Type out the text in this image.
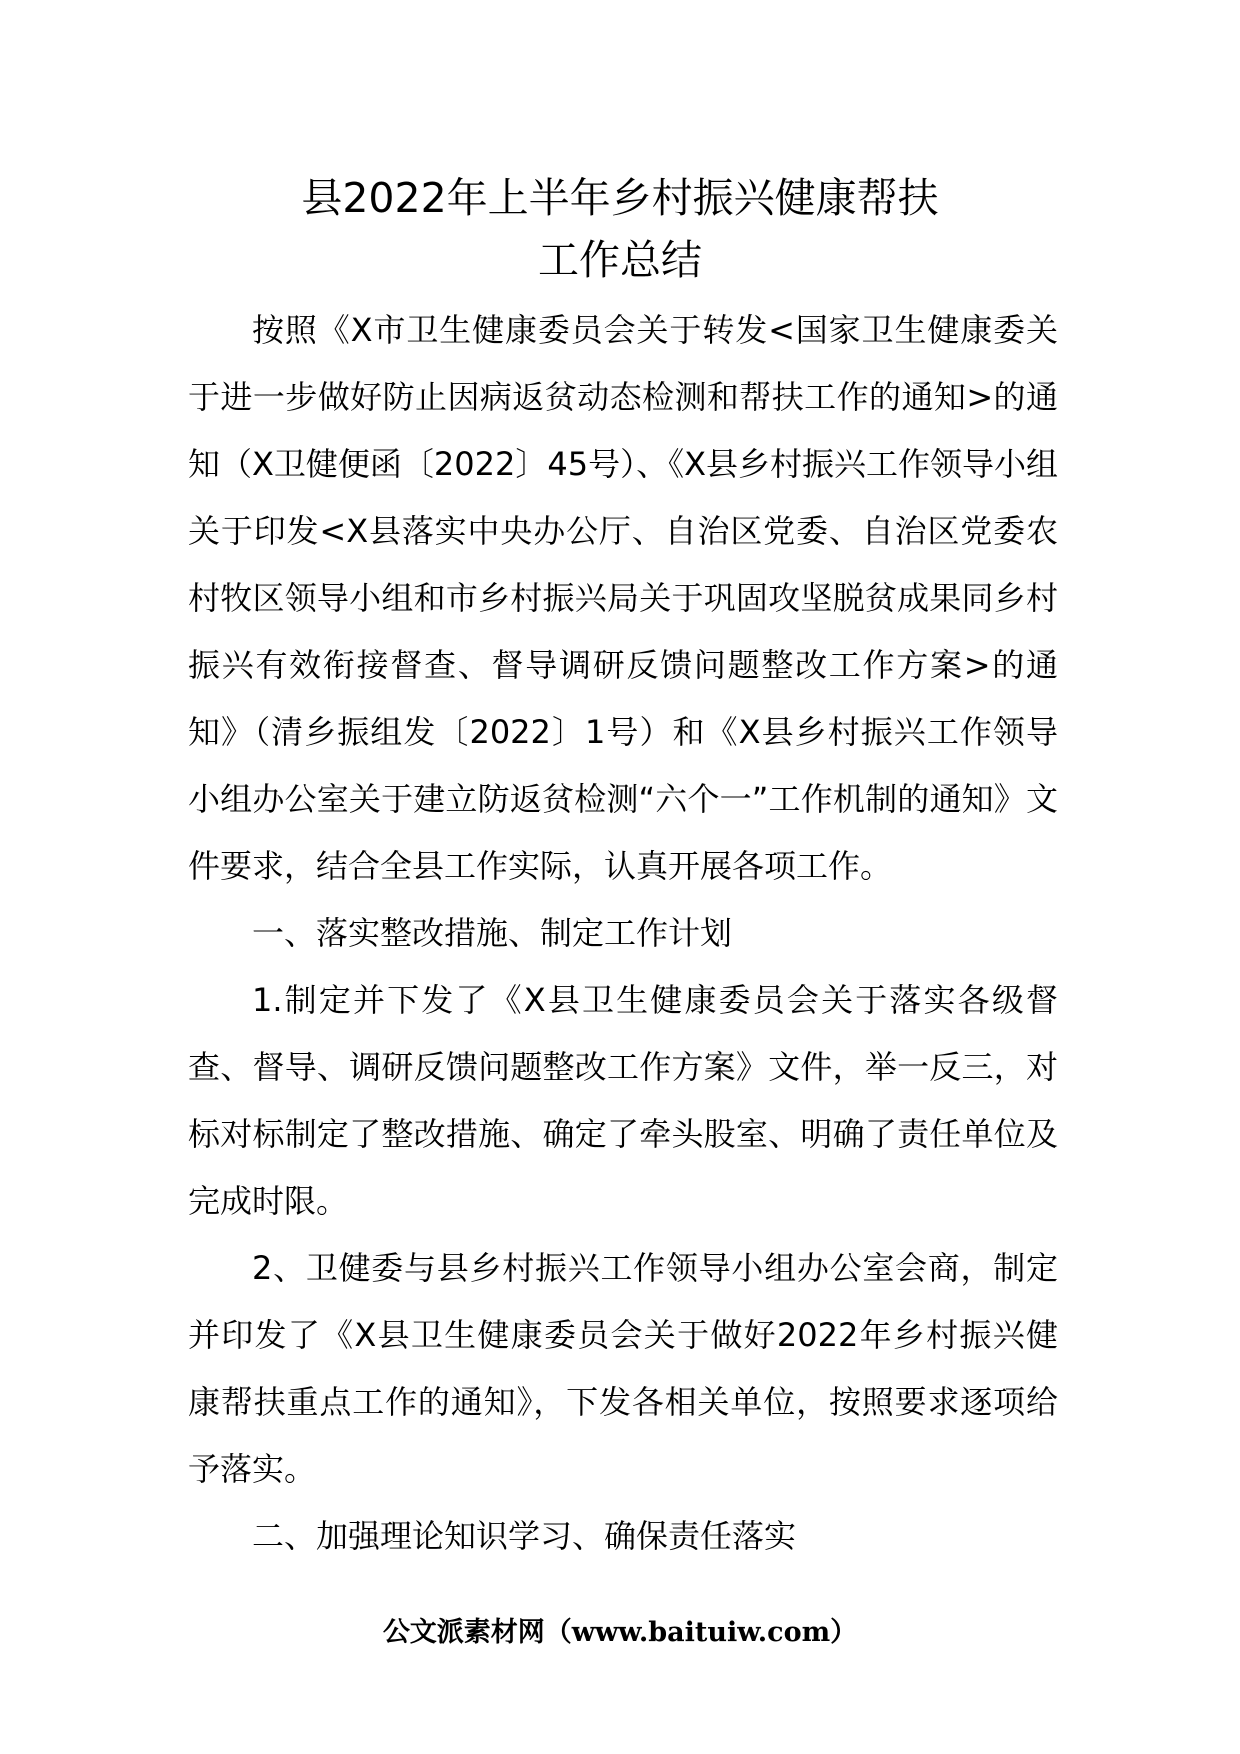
县2022年上半年乡村振兴健康帮扶
工作总结

按照《X市卫生健康委员会关于转发<国家卫生健康委关于进一步做好防止因病返贫动态检测和帮扶工作的通知>的通知（X卫健便函〔2022〕45号）、《X县乡村振兴工作领导小组关于印发<X县落实中央办公厅、自治区党委、自治区党委农村牧区领导小组和市乡村振兴局关于巩固攻坚脱贫成果同乡村振兴有效衔接督查、督导调研反馈问题整改工作方案>的通知》（清乡振组发〔2022〕1号）和《X县乡村振兴工作领导小组办公室关于建立防返贫检测“六个一”工作机制的通知》文件要求，结合全县工作实际，认真开展各项工作。

一、落实整改措施、制定工作计划

1.制定并下发了《X县卫生健康委员会关于落实各级督查、督导、调研反馈问题整改工作方案》文件，举一反三，对标对标制定了整改措施、确定了牵头股室、明确了责任单位及完成时限。

2、卫健委与县乡村振兴工作领导小组办公室会商，制定并印发了《X县卫生健康委员会关于做好2022年乡村振兴健康帮扶重点工作的通知》，下发各相关单位，按照要求逐项给予落实。

二、加强理论知识学习、确保责任落实

公文派素材网（www.baituiw.com）
